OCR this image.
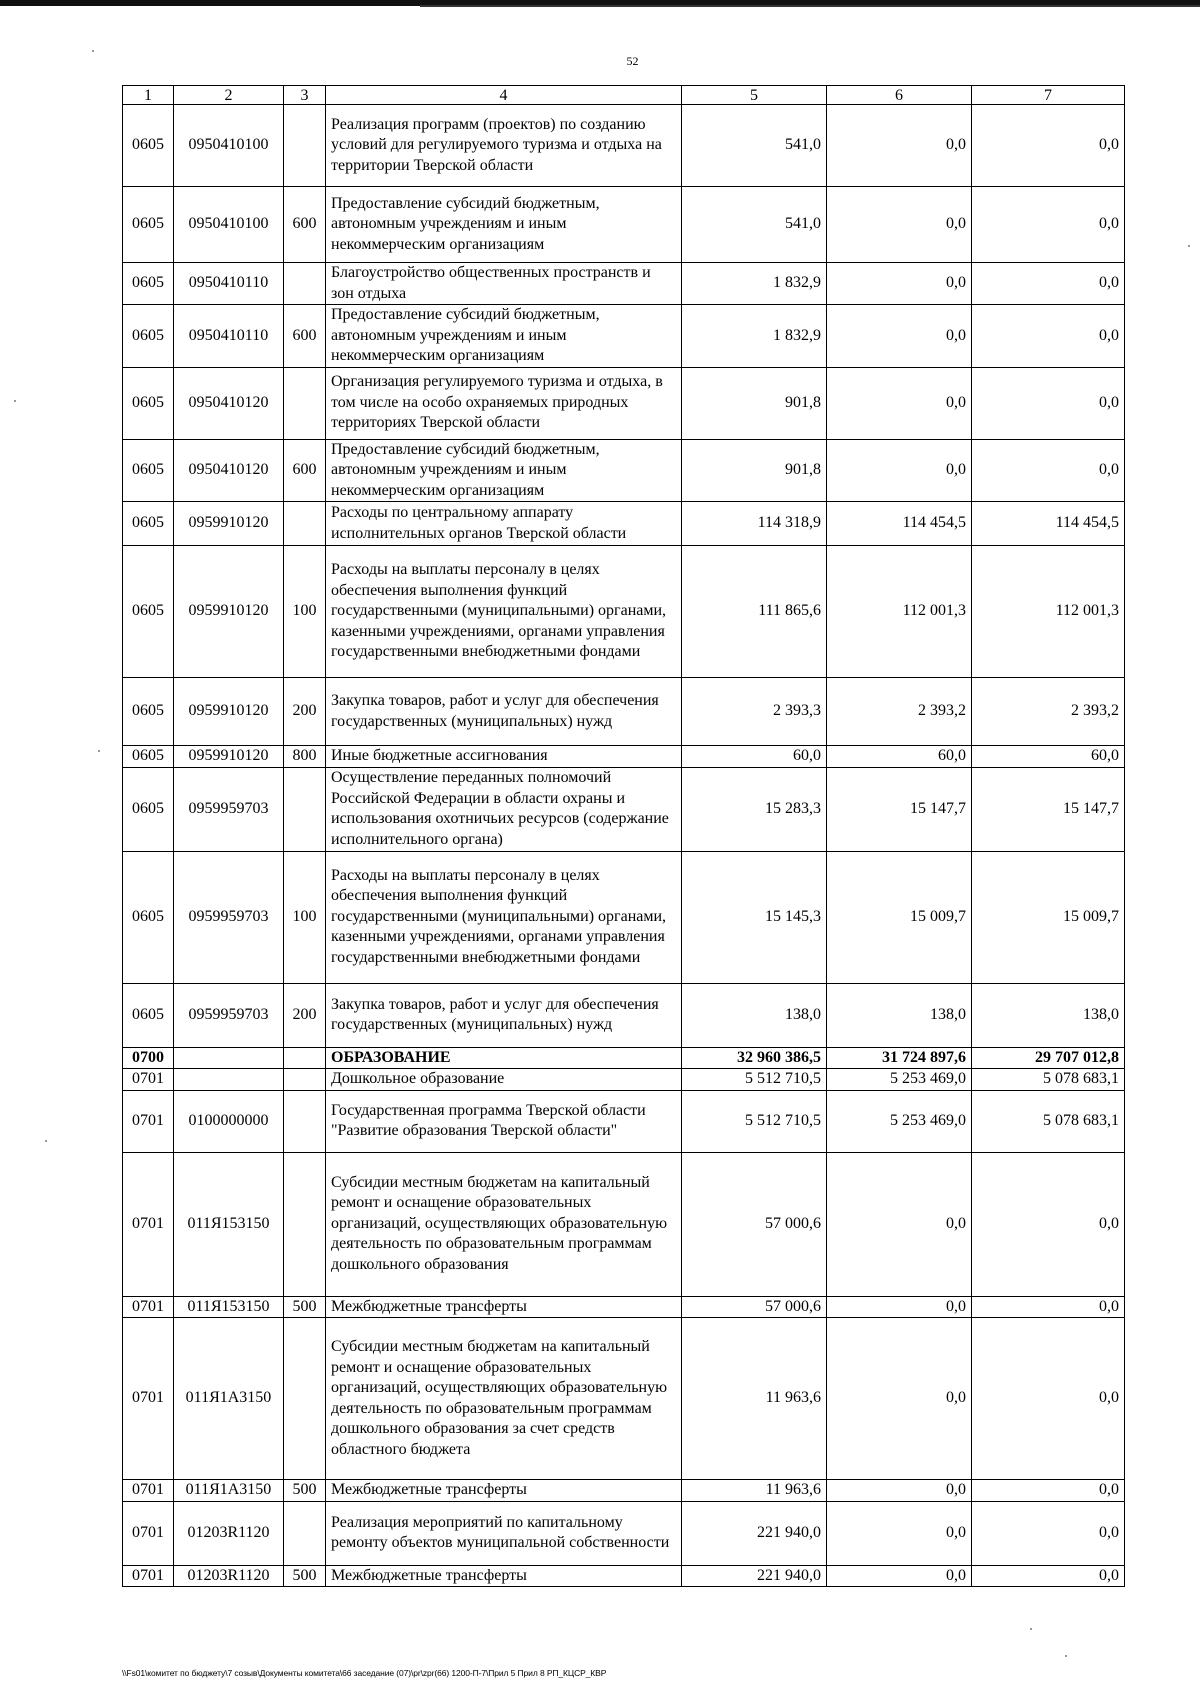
52
1	2	3	4	5	6	7
0605	0950410100		Реализация программ (проектов) по созданию условий для регулируемого туризма и отдыха на территории Тверской области	541,0	0,0	0,0
0605	0950410100	600	Предоставление субсидий бюджетным, автономным учреждениям и иным некоммерческим организациям	541,0	0,0	0,0
0605	0950410110		Благоустройство общественных пространств и зон отдыха	1 832,9	0,0	0,0
0605	0950410110	600	Предоставление субсидий бюджетным, автономным учреждениям и иным некоммерческим организациям	1 832,9	0,0	0,0
0605	0950410120		Организация регулируемого туризма и отдыха, в том числе на особо охраняемых природных территориях Тверской области	901,8	0,0	0,0
0605	0950410120	600	Предоставление субсидий бюджетным, автономным учреждениям и иным некоммерческим организациям	901,8	0,0	0,0
0605	0959910120		Расходы по центральному аппарату исполнительных органов Тверской области	114 318,9	114 454,5	114 454,5
0605	0959910120	100	Расходы на выплаты персоналу в целях обеспечения выполнения функций государственными (муниципальными) органами, казенными учреждениями, органами управления государственными внебюджетными фондами	111 865,6	112 001,3	112 001,3
0605	0959910120	200	Закупка товаров, работ и услуг для обеспечения государственных (муниципальных) нужд	2 393,3	2 393,2	2 393,2
0605	0959910120	800	Иные бюджетные ассигнования	60,0	60,0	60,0
0605	0959959703		Осуществление переданных полномочий Российской Федерации в области охраны и использования охотничьих ресурсов (содержание исполнительного органа)	15 283,3	15 147,7	15 147,7
0605	0959959703	100	Расходы на выплаты персоналу в целях обеспечения выполнения функций государственными (муниципальными) органами, казенными учреждениями, органами управления государственными внебюджетными фондами	15 145,3	15 009,7	15 009,7
0605	0959959703	200	Закупка товаров, работ и услуг для обеспечения государственных (муниципальных) нужд	138,0	138,0	138,0
0700			ОБРАЗОВАНИЕ	32 960 386,5	31 724 897,6	29 707 012,8
0701			Дошкольное образование	5 512 710,5	5 253 469,0	5 078 683,1
0701	0100000000		Государственная программа Тверской области "Развитие образования Тверской области"	5 512 710,5	5 253 469,0	5 078 683,1
0701	011Я153150		Субсидии местным бюджетам на капитальный ремонт и оснащение образовательных организаций, осуществляющих образовательную деятельность по образовательным программам дошкольного образования	57 000,6	0,0	0,0
0701	011Я153150	500	Межбюджетные трансферты	57 000,6	0,0	0,0
0701	011Я1А3150		Субсидии местным бюджетам на капитальный ремонт и оснащение образовательных организаций, осуществляющих образовательную деятельность по образовательным программам дошкольного образования за счет средств областного бюджета	11 963,6	0,0	0,0
0701	011Я1А3150	500	Межбюджетные трансферты	11 963,6	0,0	0,0
0701	01203R1120		Реализация мероприятий по капитальному ремонту объектов муниципальной собственности	221 940,0	0,0	0,0
0701	01203R1120	500	Межбюджетные трансферты	221 940,0	0,0	0,0
\\Fs01\комитет по бюджету\7 созыв\Документы комитета\66 заседание (07)\pr\zpr(66) 1200-П-7\Прил 5 Прил 8 РП_КЦСР_КВР
